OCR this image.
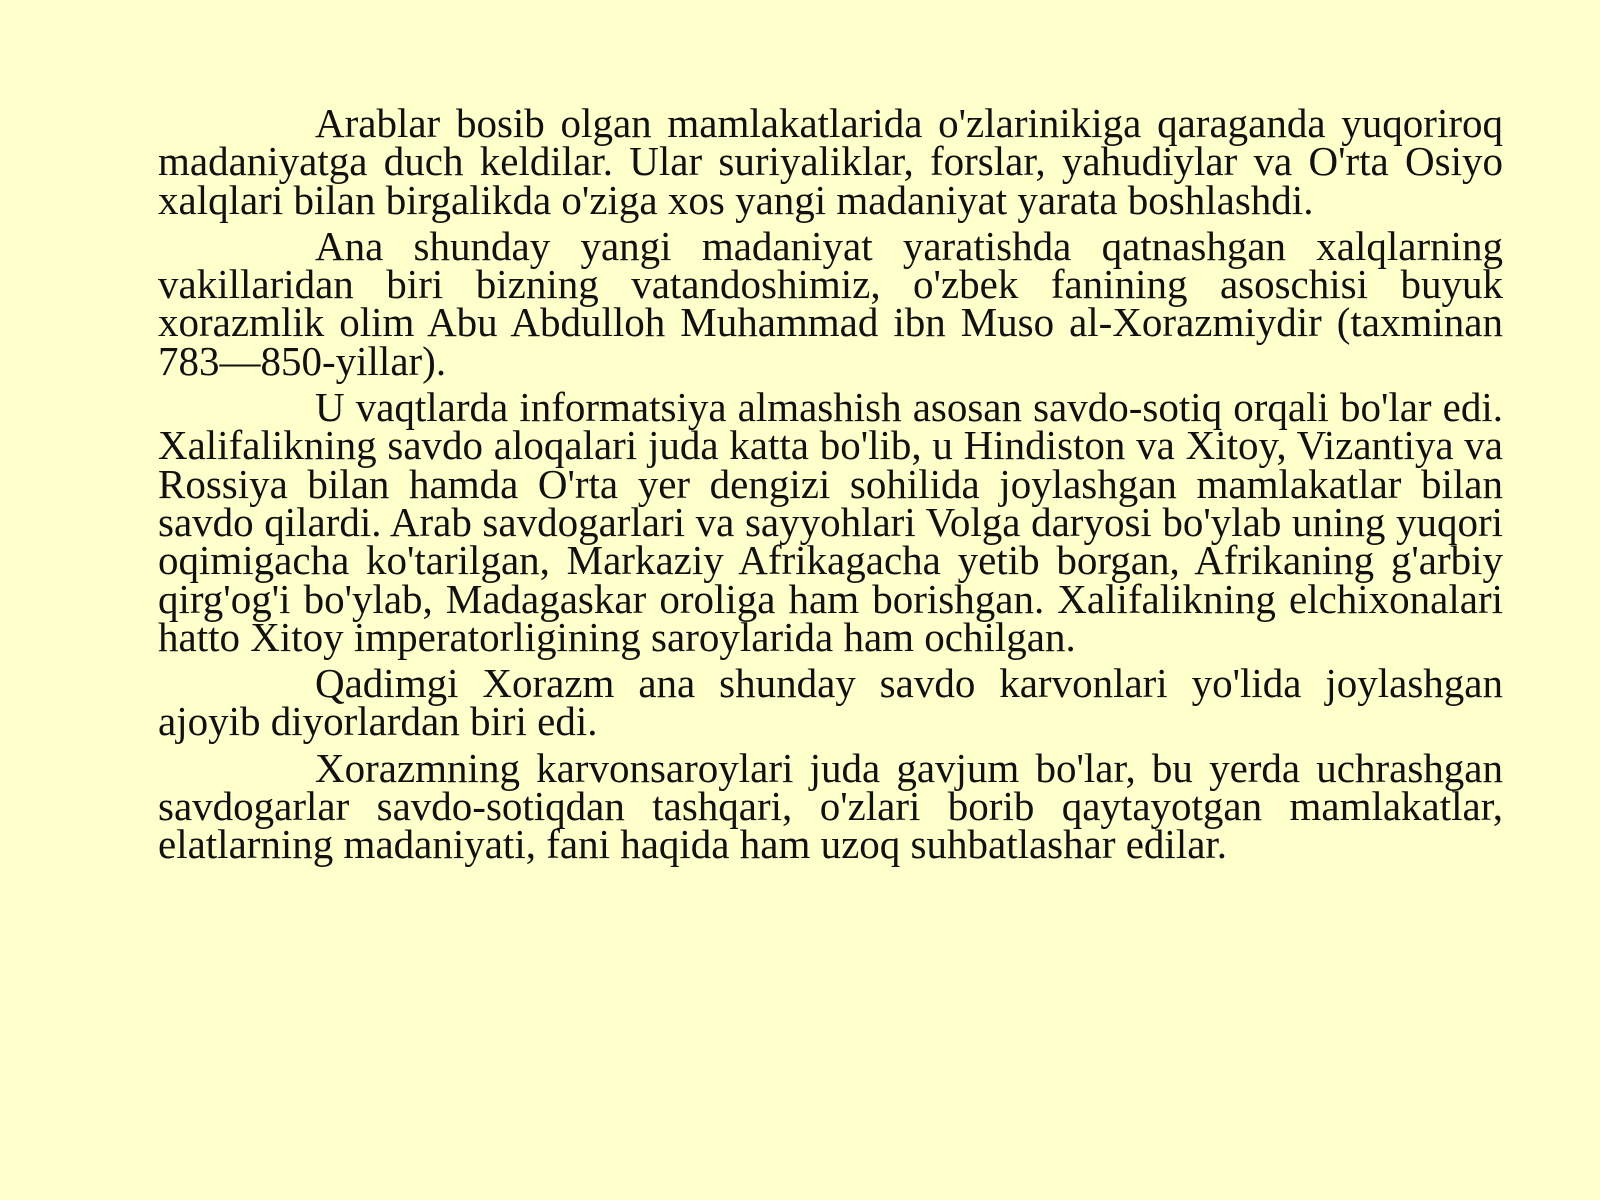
Arablar bosib olgan mamlakatlarida o'zlarinikiga qaraganda yuqoriroq madaniyatga duch keldilar. Ular suriyaliklar, forslar, yahudiylar va O'rta Osiyo xalqlari bilan birgalikda o'ziga xos yangi madaniyat yarata boshlashdi.

Ana shunday yangi madaniyat yaratishda qatnashgan xalqlarning vakillaridan biri bizning vatandoshimiz, o'zbek fanining asoschisi buyuk xorazmlik olim Abu Abdulloh Muhammad ibn Muso al-Xorazmiydir (taxminan 783—850-yillar).

U vaqtlarda informatsiya almashish asosan savdo-sotiq orqali bo'lar edi. Xalifalikning savdo aloqalari juda katta bo'lib, u Hindiston va Xitoy, Vizantiya va Rossiya bilan hamda O'rta yer dengizi sohilida joylashgan mamlakatlar bilan savdo qilardi. Arab savdogarlari va sayyohlari Volga daryosi bo'ylab uning yuqori oqimigacha ko'tarilgan, Markaziy Afrikagacha yetib borgan, Afrikaning g'arbiy qirg'og'i bo'ylab, Madagaskar oroliga ham borishgan. Xalifalikning elchixonalari hatto Xitoy imperatorligining saroylarida ham ochilgan.

Qadimgi Xorazm ana shunday savdo karvonlari yo'lida joylashgan ajoyib diyorlardan biri edi.

Xorazmning karvonsaroylari juda gavjum bo'lar, bu yerda uchrashgan savdogarlar savdo-sotiqdan tashqari, o'zlari borib qaytayotgan mamlakatlar, elatlarning madaniyati, fani haqida ham uzoq suhbatlashar edilar.
